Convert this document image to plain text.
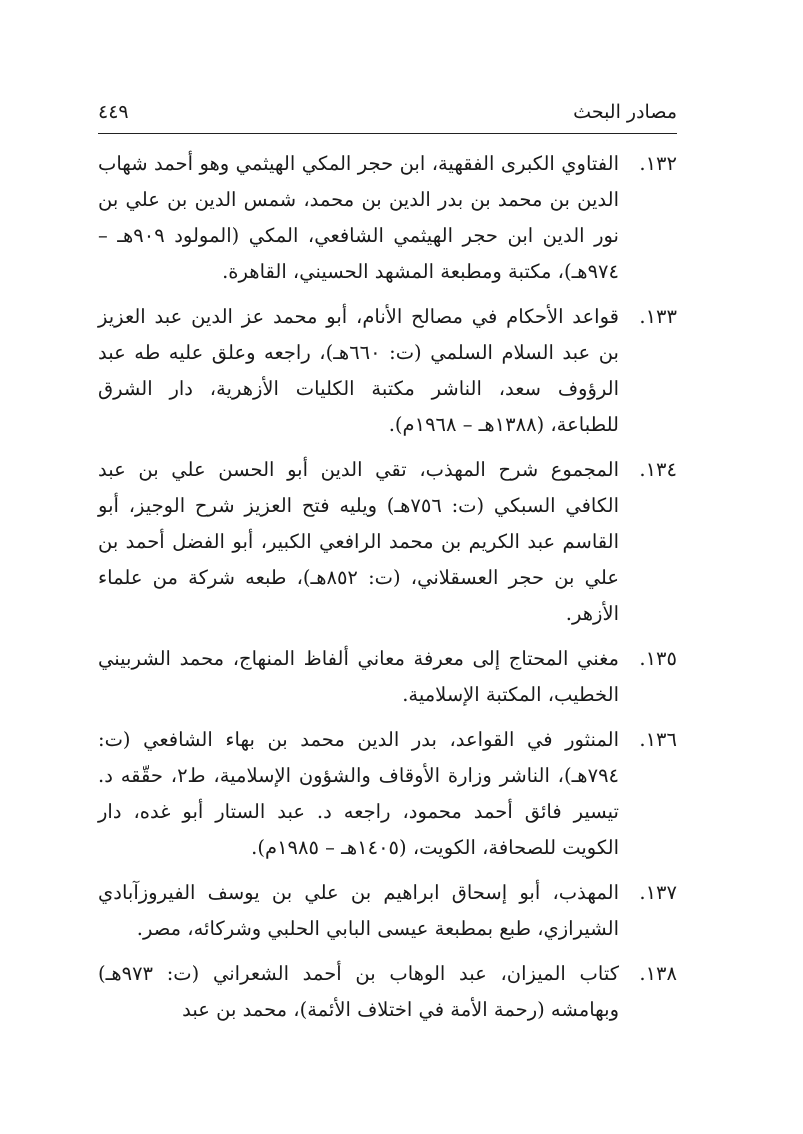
مصادر البحث
٤٤٩
١٣٢.
الفتاوي الكبرى الفقهية، ابن حجر المكي الهيثمي وهو أحمد شهاب الدين بن محمد بن بدر الدين بن محمد، شمس الدين بن علي بن نور الدين ابن حجر الهيثمي الشافعي، المكي (المولود ٩٠٩هـ – ٩٧٤هـ)، مكتبة ومطبعة المشهد الحسيني، القاهرة.
١٣٣.
قواعد الأحكام في مصالح الأنام، أبو محمد عز الدين عبد العزيز بن عبد السلام السلمي (ت: ٦٦٠هـ)، راجعه وعلق عليه طه عبد الرؤوف سعد، الناشر مكتبة الكليات الأزهرية، دار الشرق للطباعة، (١٣٨٨هـ – ١٩٦٨م).
١٣٤.
المجموع شرح المهذب، تقي الدين أبو الحسن علي بن عبد الكافي السبكي (ت: ٧٥٦هـ) ويليه فتح العزيز شرح الوجيز، أبو القاسم عبد الكريم بن محمد الرافعي الكبير، أبو الفضل أحمد بن علي بن حجر العسقلاني، (ت: ٨٥٢هـ)، طبعه شركة من علماء الأزهر.
١٣٥.
مغني المحتاج إلى معرفة معاني ألفاظ المنهاج، محمد الشربيني الخطيب، المكتبة الإسلامية.
١٣٦.
المنثور في القواعد، بدر الدين محمد بن بهاء الشافعي (ت: ٧٩٤هـ)، الناشر وزارة الأوقاف والشؤون الإسلامية، ط٢، حقّقه د. تيسير فائق أحمد محمود، راجعه د. عبد الستار أبو غده، دار الكويت للصحافة، الكويت، (١٤٠٥هـ – ١٩٨٥م).
١٣٧.
المهذب، أبو إسحاق ابراهيم بن علي بن يوسف الفيروزآبادي الشيرازي، طبع بمطبعة عيسى البابي الحلبي وشركائه، مصر.
١٣٨.
كتاب الميزان، عبد الوهاب بن أحمد الشعراني (ت: ٩٧٣هـ) وبهامشه (رحمة الأمة في اختلاف الأئمة)، محمد بن عبد
